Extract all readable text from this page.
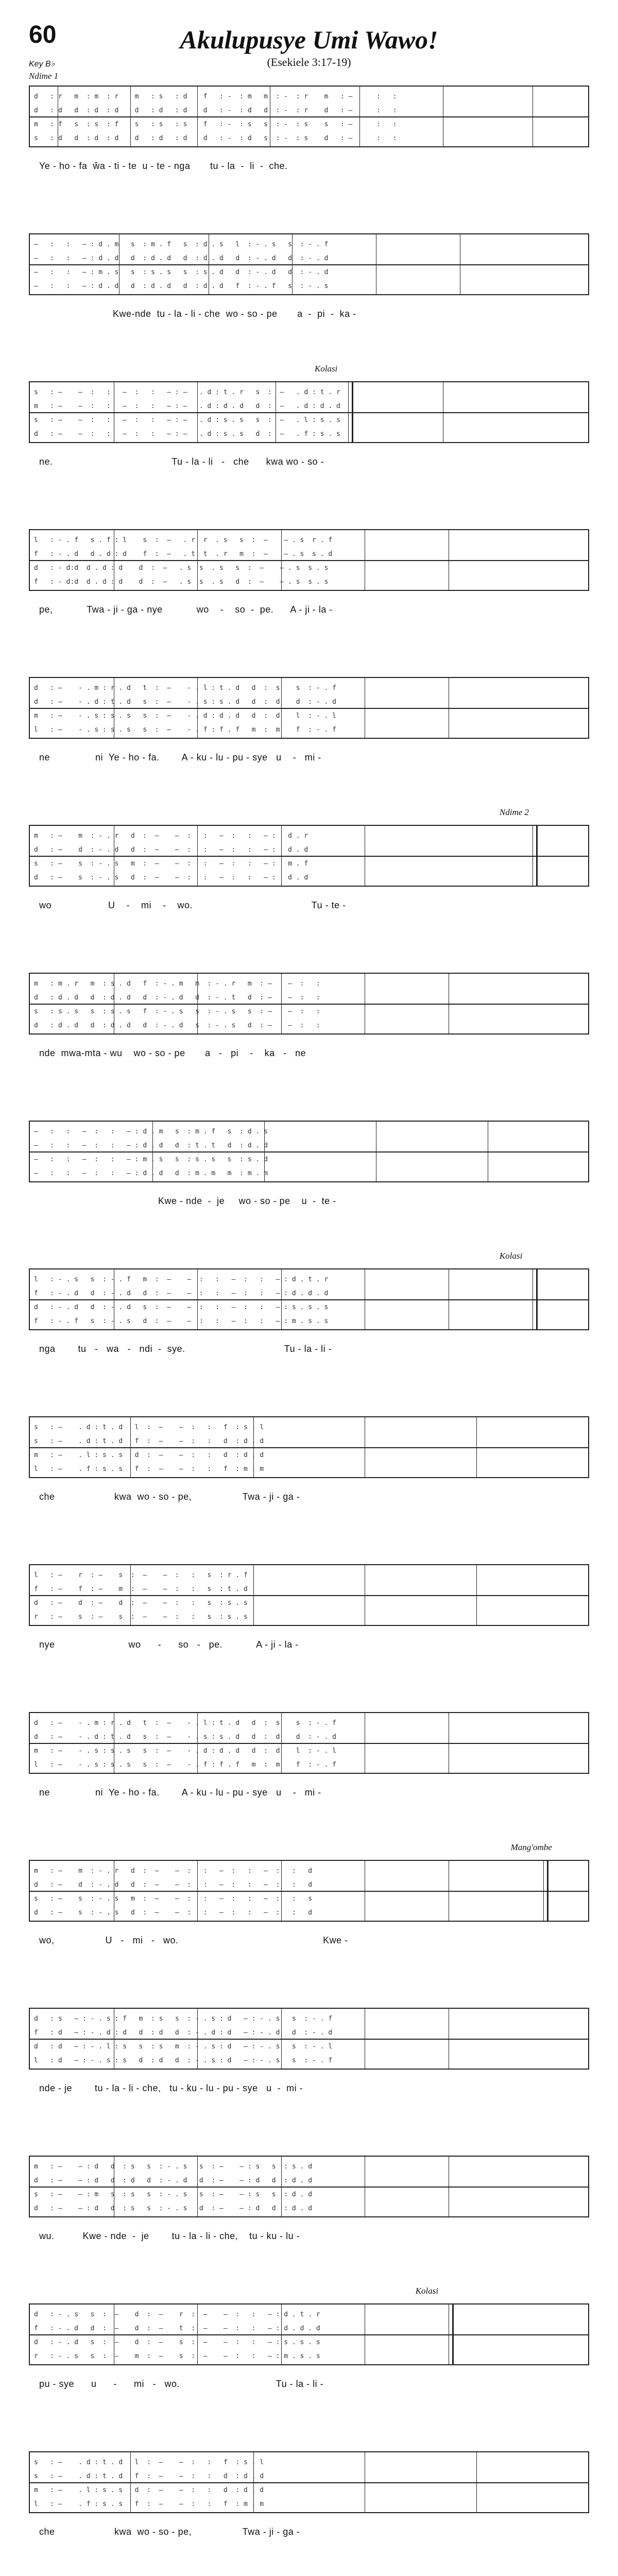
60	Akulupusye Umi Wawo!
(Esekiele 3:17-19)
Key B♭
Ndime 1
d   : r   m  : m  : r    m   : s   : d    f   : -  : m   m  : -  : r    m   : —      :   :
d   : d   d  : d  : d    d   : d   : d    d   : -  : d   d  : -  : r    d   : —      :   :
m   : f   s  : s  : f    s   : s   : s    f   : -  : s   s  : -  : s    s   : —      :   :
s   : d   d  : d  : d    d   : d   : d    d   : -  : d   s  : -  : s    d   : —      :   :
Ye - ho - fa  ŵa - ti - te  u - te - nga       tu - la  -  li  -  che.
—   :   :   — : d . m   s  : m . f   s  : d . s   l  : - . s   s  : - . f
—   :   :   — : d . d   d  : d . d   d  : d . d   d  : - . d   d  : - . d
—   :   :   — : m . s   s  : s . s   s  : s . d   d  : - . d   d  : - . d
—   :   :   — : d . d   d  : d . d   d  : d . d   f  : - . f   s  : - . s
Kwe-nde  tu - la - li - che  wo - so - pe       a  -  pi  -  ka -
Kolasi
s   : —    —  :   :   —  :   :   — : —   . d : t . r   s  :  —   . d : t . r
m   : —    —  :   :   —  :   :   — : —   . d : d . d   d  :  —   . d : d . d
s   : —    —  :   :   —  :   :   — : —   . d : s . s   s  :  —   . l : s . s
d   : —    —  :   :   —  :   :   — : —   . d : s . s   d  :  —   . f : s . s
ne.                                          Tu - la - li   -   che      kwa wo - so -
l   : - . f   s . f : l    s  :  —   . r  r  . s   s  :  —    — . s  r . f
f   : - . d   d . d : d    f  :  —   . t  t  . r   m  :  —    — . s  s . d
d   : - d:d  d . d : d    d  :  —   . s  s  . s   s  :  —    — . s  s . s
f   : - d:d  d . d : d    d  :  —   . s  s  . s   d  :  —    — . s  s . s
pe,            Twa - ji - ga - nye            wo    -    so  -  pe.      A - ji - la -
d   : —    - . m : r . d   t  :  —    - . l : t . d   d  :  s    s  : - . f
d   : —    - . d : t . d   s  :  —    - . s : s . d   d  :  d    d  : - . d
m   : —    - . s : s . s   s  :  —    - . d : d . d   d  :  d    l  : - . l
l   : —    - . s : s . s   s  :  —    - . f : f . f   m  :  m    f  : - . f
ne                ni  Ye - ho - fa.        A - ku - lu - pu - sye   u    -   mi -
Ndime 2
m   : —    m  : - . r   d  :  —    —  :   :   —  :   :   — :   d . r
d   : —    d  : - . d   d  :  —    —  :   :   —  :   :   — :   d . d
s   : —    s  : - . s   m  :  —    —  :   :   —  :   :   — :   m . f
d   : —    s  : - . s   d  :  —    —  :   :   —  :   :   — :   d . d
wo                    U    -    mi    -    wo.                                          Tu - te -
m   : m . r   m  : s . d   f  : - . m   m  : - . r   m  : —    —  :   :
d   : d . d   d  : d . d   d  : - . d   d  : - . t   d  : —    —  :   :
s   : s . s   s  : s . s   f  : - . s   s  : - . s   s  : —    —  :   :
d   : d . d   d  : d . d   d  : - . d   s  : - . s   d  : —    —  :   :
nde  mwa-mta - wu    wo - so - pe       a   -   pi    -    ka   -   ne
—   :   :   —  :   :   — : d . m   s  : m . f   s  : d . s
—   :   :   —  :   :   — : d . d   d  : t . t   d  : d . d
—   :   :   —  :   :   — : m . s   s  : s . s   s  : s . d
—   :   :   —  :   :   — : d . d   d  : m . m   m  : m . m
Kwe - nde  -  je     wo - so - pe    u  -  te -
Kolasi
l   : - . s   s  : - . f   m  :  —    —  :   :   —  :   :   — : d . t . r
f   : - . d   d  : - . d   d  :  —    —  :   :   —  :   :   — : d . d . d
d   : - . d   d  : - . d   s  :  —    —  :   :   —  :   :   — : s . s . s
f   : - . f   s  : - . s   d  :  —    —  :   :   —  :   :   — : m . s . s
nga        tu   -   wa   -   ndi  -  sye.                                   Tu - la - li -
s   : —    . d : t . d   l  :  —    —  :   :   f  : s . l
s   : —    . d : t . d   f  :  —    —  :   :   d  : d . d
m   : —    . l : s . s   d  :  —    —  :   :   d  : d . d
l   : —    . f : s . s   f  :  —    —  :   :   f  : m . m
che                     kwa  wo - so - pe,                  Twa - ji - ga -
l   : —    r  : —    s  :  —    —  :   :   s  : r . f
f   : —    f  : —    m  :  —    —  :   :   s  : t . d
d   : —    d  : —    d  :  —    —  :   :   s  : s . s
r   : —    s  : —    s  :  —    —  :   :   s  : s . s
nye                          wo      -      so   -   pe.            A - ji - la -
d   : —    - . m : r . d   t  :  —    - . l : t . d   d  :  s    s  : - . f
d   : —    - . d : t . d   s  :  —    - . s : s . d   d  :  d    d  : - . d
m   : —    - . s : s . s   s  :  —    - . d : d . d   d  :  d    l  : - . l
l   : —    - . s : s . s   s  :  —    - . f : f . f   m  :  m    f  : - . f
ne                ni  Ye - ho - fa.        A - ku - lu - pu - sye   u    -   mi -
Mang'ombe
m   : —    m  : - . r   d  :  —    —  :   :   —  :   :   —  :   :   d
d   : —    d  : - . d   d  :  —    —  :   :   —  :   :   —  :   :   d
s   : —    s  : - . s   m  :  —    —  :   :   —  :   :   —  :   :   s
d   : —    s  : - . s   d  :  —    —  :   :   —  :   :   —  :   :   d
wo,                  U   -   mi   -   wo.                                                   Kwe -
d   : s   — : - . s : f   m  : s   s  : - . s : d   — : - . s   s  : - . f
f   : d   — : - . d : d   d  : d   d  : - . d : d   — : - . d   d  : - . d
d   : d   — : - . l : s   s  : s   m  : - . s : d   — : - . s   s  : - . l
l   : d   — : - . s : s   d  : d   d  : - . s : d   — : - . s   s  : - . f
nde - je        tu - la - li - che,   tu - ku - lu - pu - sye   u  -  mi -
m   : —    — : d   d  : s   s  : - . s   s  : —    — : s   s  : s . d
d   : —    — : d   d  : d   d  : - . d   d  : —    — : d   d  : d . d
s   : —    — : m   s  : s   s  : - . s   s  : —    — : s   s  : d . d
d   : —    — : d   d  : s   s  : - . s   d  : —    — : d   d  : d . d
wu.          Kwe - nde  -  je        tu - la - li - che,    tu - ku - lu -
Kolasi
d   : - . s   s  :  —    d  :  —    r  :  —    —  :   :   — : d . t . r
f   : - . d   d  :  —    d  :  —    t  :  —    —  :   :   — : d . d . d
d   : - . d   s  :  —    d  :  —    s  :  —    —  :   :   — : s . s . s
r   : - . s   s  :  —    m  :  —    s  :  —    —  :   :   — : m . s . s
pu - sye      u      -      mi   -   wo.                                  Tu - la - li -
s   : —    . d : t . d   l  :  —    —  :   :   f  : s . l
s   : —    . d : t . d   f  :  —    —  :   :   d  : d . d
m   : —    . l : s . s   d  :  —    —  :   :   d  : d . d
l   : —    . f : s . s   f  :  —    —  :   :   f  : m . m
che                     kwa  wo - so - pe,                  Twa - ji - ga -
